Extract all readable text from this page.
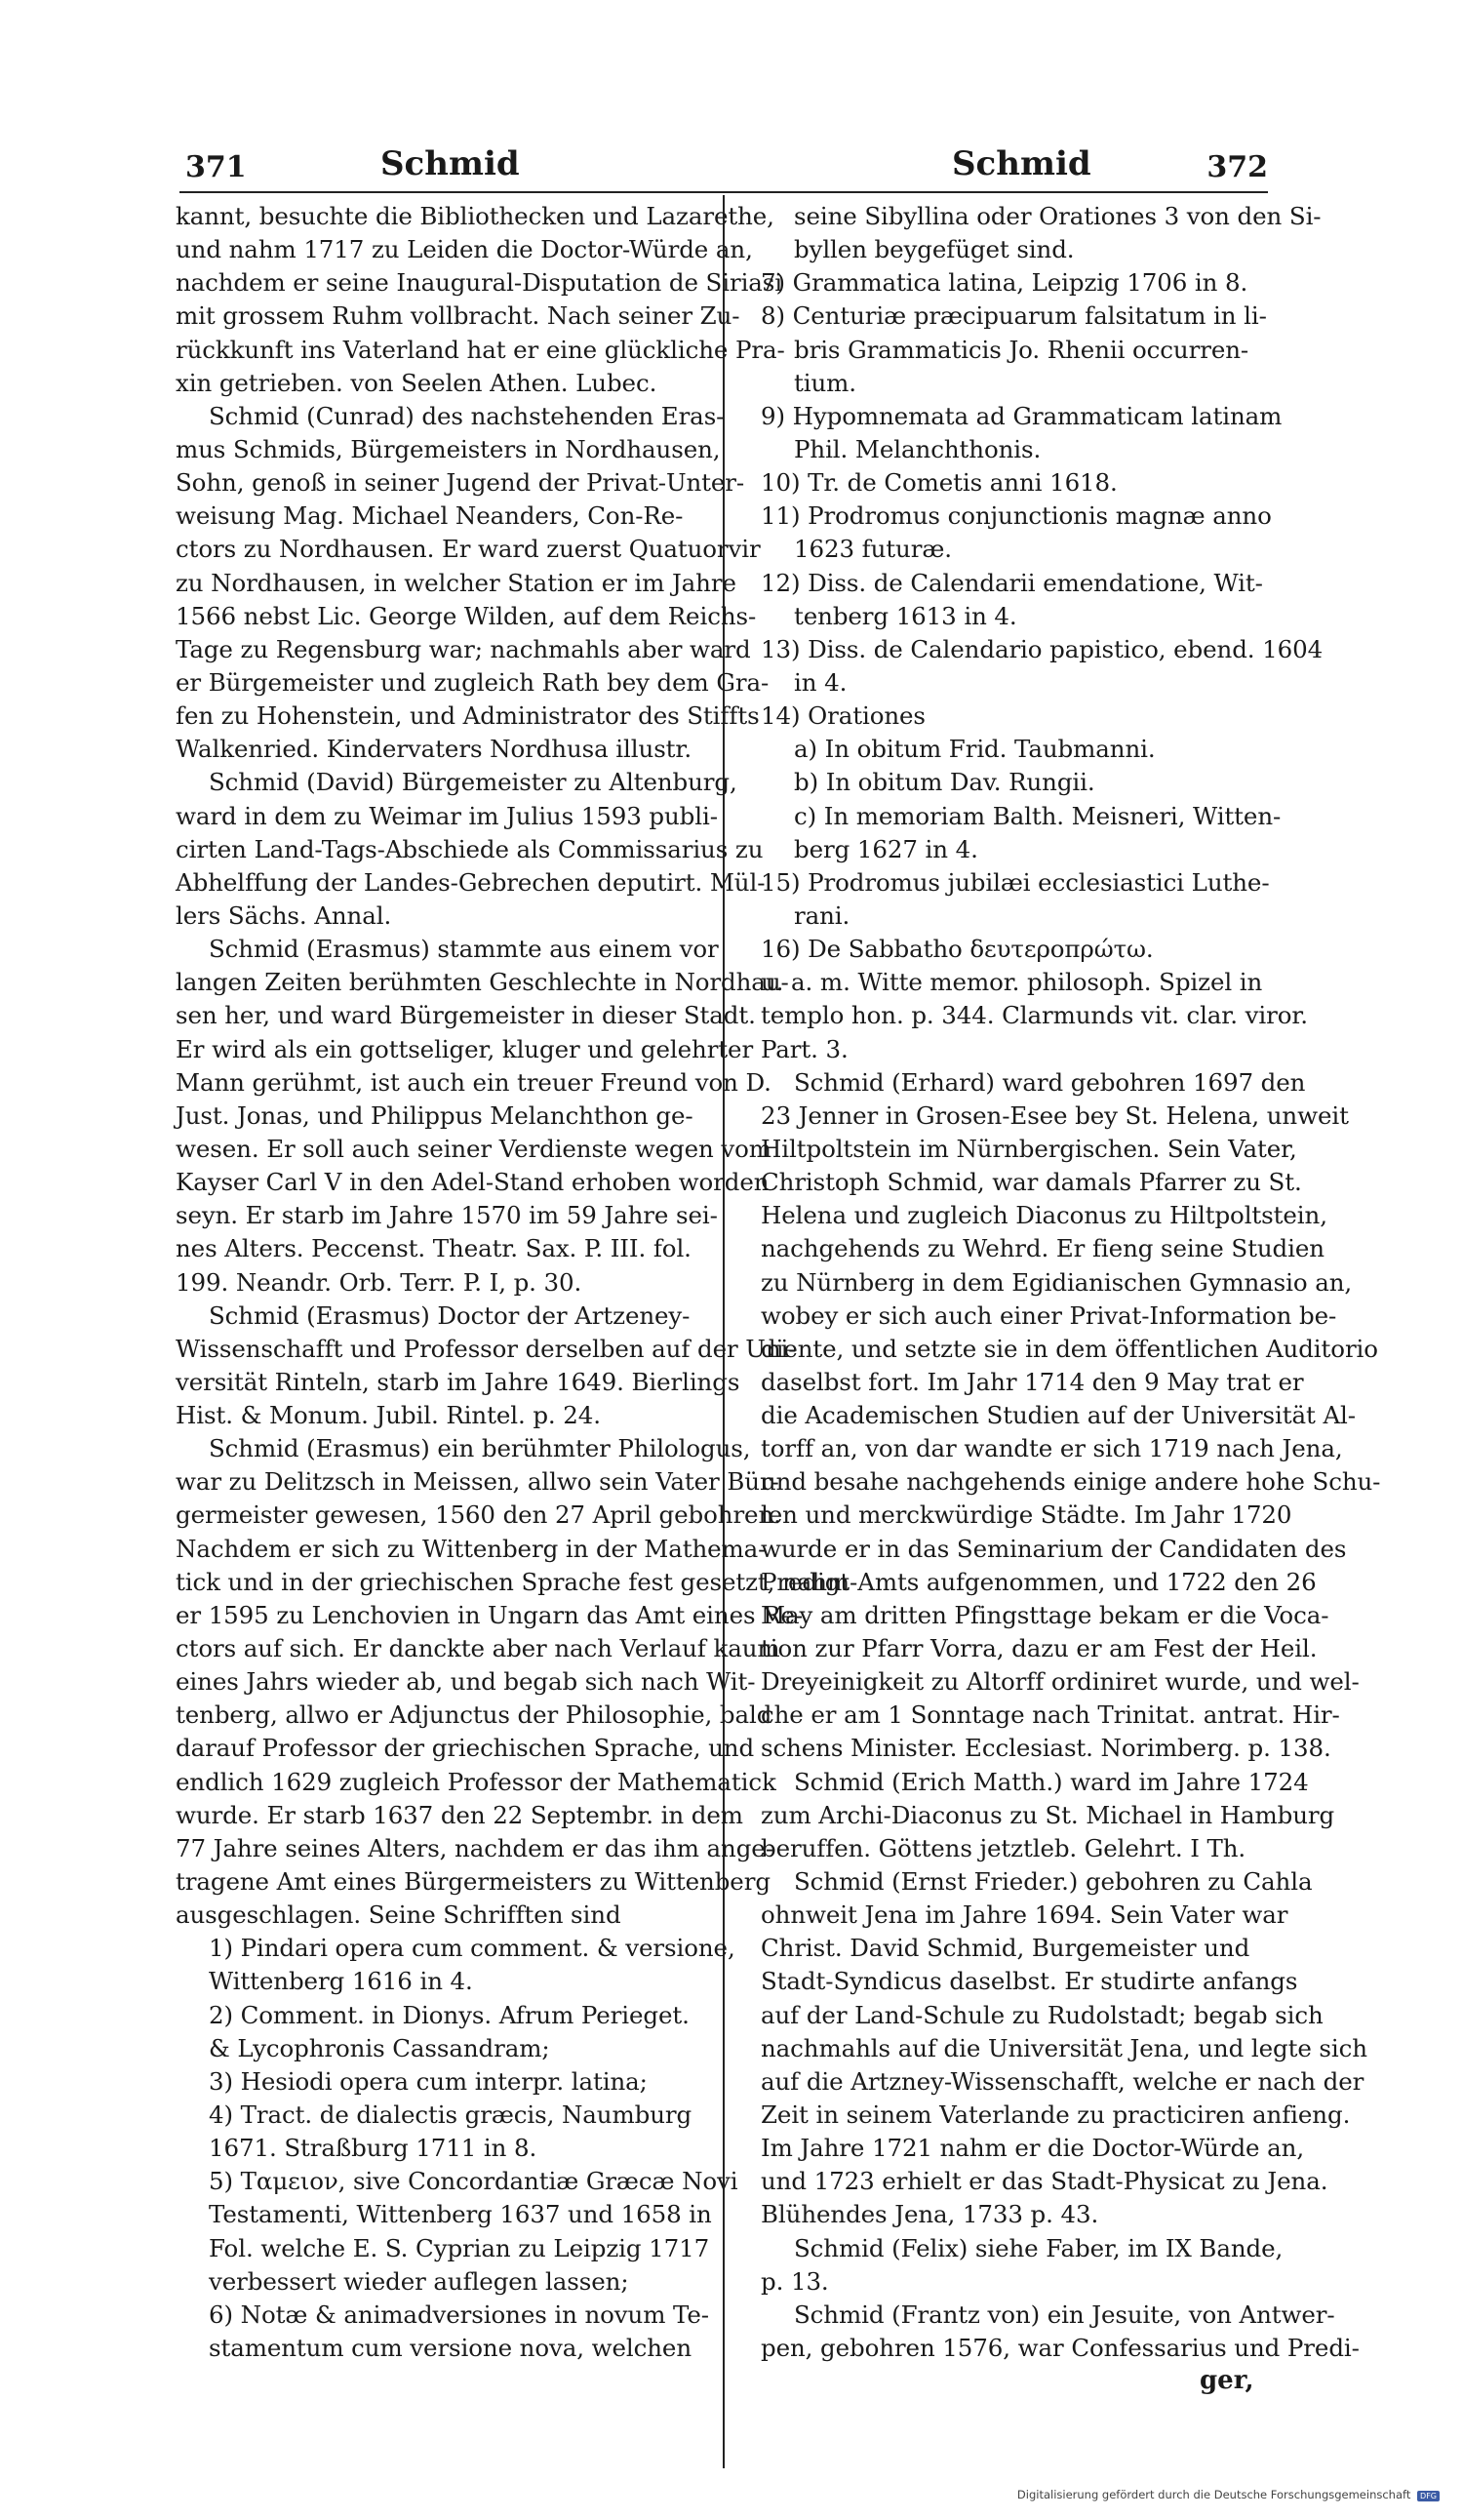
371	Schmid	Schmid	372
kannt, besuchte die Bibliothecken und Lazarethe,
und nahm 1717 zu Leiden die Doctor-Würde an,
nachdem er seine Inaugural-Disputation de Siriasi
mit grossem Ruhm vollbracht. Nach seiner Zu-
rückkunft ins Vaterland hat er eine glückliche Pra-
xin getrieben. von Seelen Athen. Lubec.
Schmid (Cunrad) des nachstehenden Eras-
mus Schmids, Bürgemeisters in Nordhausen,
Sohn, genoß in seiner Jugend der Privat-Unter-
weisung Mag. Michael Neanders, Con-Re-
ctors zu Nordhausen. Er ward zuerst Quatuorvir
zu Nordhausen, in welcher Station er im Jahre
1566 nebst Lic. George Wilden, auf dem Reichs-
Tage zu Regensburg war; nachmahls aber ward
er Bürgemeister und zugleich Rath bey dem Gra-
fen zu Hohenstein, und Administrator des Stiffts
Walkenried. Kindervaters Nordhusa illustr.
Schmid (David) Bürgemeister zu Altenburg,
ward in dem zu Weimar im Julius 1593 publi-
cirten Land-Tags-Abschiede als Commissarius zu
Abhelffung der Landes-Gebrechen deputirt. Mül-
lers Sächs. Annal.
Schmid (Erasmus) stammte aus einem vor
langen Zeiten berühmten Geschlechte in Nordhau-
sen her, und ward Bürgemeister in dieser Stadt.
Er wird als ein gottseliger, kluger und gelehrter
Mann gerühmt, ist auch ein treuer Freund von D.
Just. Jonas, und Philippus Melanchthon ge-
wesen. Er soll auch seiner Verdienste wegen vom
Kayser Carl V in den Adel-Stand erhoben worden
seyn. Er starb im Jahre 1570 im 59 Jahre sei-
nes Alters. Peccenst. Theatr. Sax. P. III. fol.
199. Neandr. Orb. Terr. P. I, p. 30.
Schmid (Erasmus) Doctor der Artzeney-
Wissenschafft und Professor derselben auf der Uni-
versität Rinteln, starb im Jahre 1649. Bierlings
Hist. & Monum. Jubil. Rintel. p. 24.
Schmid (Erasmus) ein berühmter Philologus,
war zu Delitzsch in Meissen, allwo sein Vater Bür-
germeister gewesen, 1560 den 27 April gebohren.
Nachdem er sich zu Wittenberg in der Mathema-
tick und in der griechischen Sprache fest gesetzt, nahm
er 1595 zu Lenchovien in Ungarn das Amt eines Re-
ctors auf sich. Er danckte aber nach Verlauf kaum
eines Jahrs wieder ab, und begab sich nach Wit-
tenberg, allwo er Adjunctus der Philosophie, bald
darauf Professor der griechischen Sprache, und
endlich 1629 zugleich Professor der Mathematick
wurde. Er starb 1637 den 22 Septembr. in dem
77 Jahre seines Alters, nachdem er das ihm ange-
tragene Amt eines Bürgermeisters zu Wittenberg
ausgeschlagen. Seine Schrifften sind
1) Pindari opera cum comment. & versione,
Wittenberg 1616 in 4.
2) Comment. in Dionys. Afrum Perieget.
& Lycophronis Cassandram;
3) Hesiodi opera cum interpr. latina;
4) Tract. de dialectis græcis, Naumburg
1671. Straßburg 1711 in 8.
5) Ταμειον, sive Concordantiæ Græcæ Novi
Testamenti, Wittenberg 1637 und 1658 in
Fol. welche E. S. Cyprian zu Leipzig 1717
verbessert wieder auflegen lassen;
6) Notæ & animadversiones in novum Te-
stamentum cum versione nova, welchen
seine Sibyllina oder Orationes 3 von den Si-
byllen beygefüget sind.
7) Grammatica latina, Leipzig 1706 in 8.
8) Centuriæ præcipuarum falsitatum in li-
bris Grammaticis Jo. Rhenii occurren-
tium.
9) Hypomnemata ad Grammaticam latinam
Phil. Melanchthonis.
10) Tr. de Cometis anni 1618.
11) Prodromus conjunctionis magnæ anno
1623 futuræ.
12) Diss. de Calendarii emendatione, Wit-
tenberg 1613 in 4.
13) Diss. de Calendario papistico, ebend. 1604
in 4.
14) Orationes
a) In obitum Frid. Taubmanni.
b) In obitum Dav. Rungii.
c) In memoriam Balth. Meisneri, Witten-
berg 1627 in 4.
15) Prodromus jubilæi ecclesiastici Luthe-
rani.
16) De Sabbatho δευτεροπρώτω.
u. a. m. Witte memor. philosoph. Spizel in
templo hon. p. 344. Clarmunds vit. clar. viror.
Part. 3.
Schmid (Erhard) ward gebohren 1697 den
23 Jenner in Grosen-Esee bey St. Helena, unweit
Hiltpoltstein im Nürnbergischen. Sein Vater,
Christoph Schmid, war damals Pfarrer zu St.
Helena und zugleich Diaconus zu Hiltpoltstein,
nachgehends zu Wehrd. Er fieng seine Studien
zu Nürnberg in dem Egidianischen Gymnasio an,
wobey er sich auch einer Privat-Information be-
diente, und setzte sie in dem öffentlichen Auditorio
daselbst fort. Im Jahr 1714 den 9 May trat er
die Academischen Studien auf der Universität Al-
torff an, von dar wandte er sich 1719 nach Jena,
und besahe nachgehends einige andere hohe Schu-
len und merckwürdige Städte. Im Jahr 1720
wurde er in das Seminarium der Candidaten des
Predigt-Amts aufgenommen, und 1722 den 26
May am dritten Pfingsttage bekam er die Voca-
tion zur Pfarr Vorra, dazu er am Fest der Heil.
Dreyeinigkeit zu Altorff ordiniret wurde, und wel-
che er am 1 Sonntage nach Trinitat. antrat. Hir-
schens Minister. Ecclesiast. Norimberg. p. 138.
Schmid (Erich Matth.) ward im Jahre 1724
zum Archi-Diaconus zu St. Michael in Hamburg
beruffen. Göttens jetztleb. Gelehrt. I Th.
Schmid (Ernst Frieder.) gebohren zu Cahla
ohnweit Jena im Jahre 1694. Sein Vater war
Christ. David Schmid, Burgemeister und
Stadt-Syndicus daselbst. Er studirte anfangs
auf der Land-Schule zu Rudolstadt; begab sich
nachmahls auf die Universität Jena, und legte sich
auf die Artzney-Wissenschafft, welche er nach der
Zeit in seinem Vaterlande zu practiciren anfieng.
Im Jahre 1721 nahm er die Doctor-Würde an,
und 1723 erhielt er das Stadt-Physicat zu Jena.
Blühendes Jena, 1733 p. 43.
Schmid (Felix) siehe Faber, im IX Bande,
p. 13.
Schmid (Frantz von) ein Jesuite, von Antwer-
pen, gebohren 1576, war Confessarius und Predi-
ger,
Digitalisierung gefördert durch die Deutsche Forschungsgemeinschaft DFG
